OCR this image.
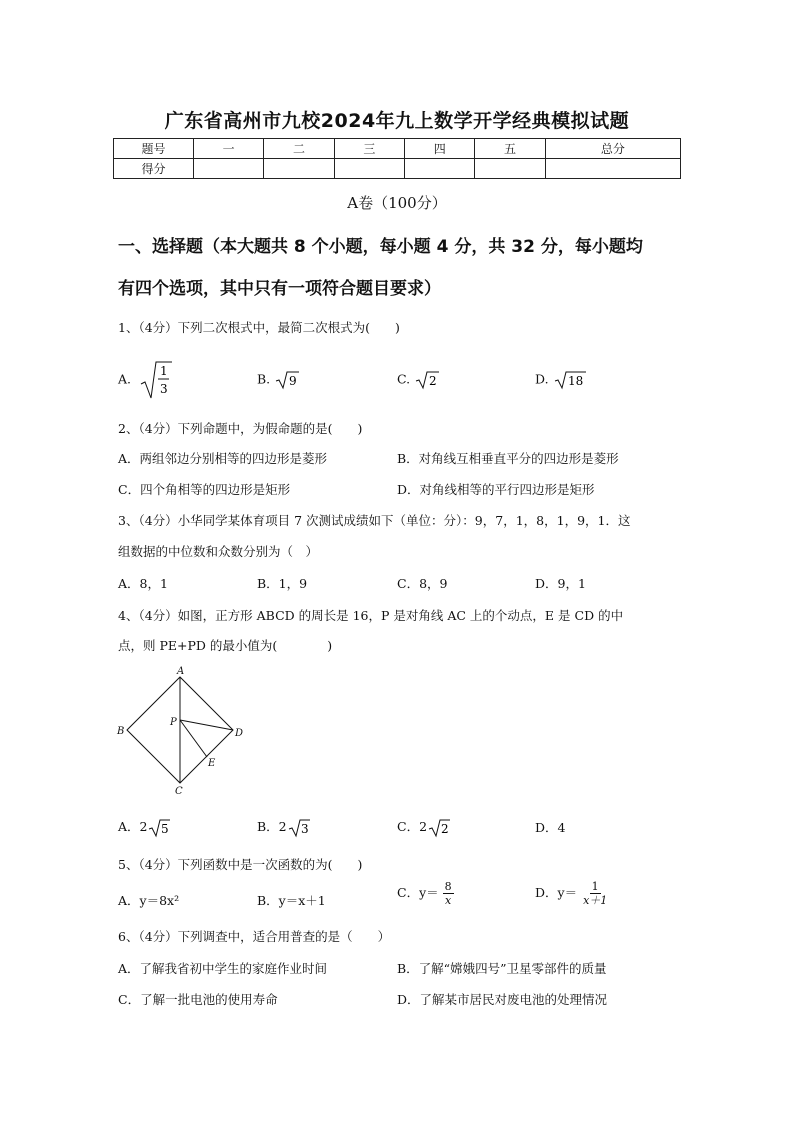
广东省高州市九校2024年九上数学开学经典模拟试题
题号	一	二	三	四	五	总分
得分						
A卷（100分）
一、选择题（本大题共 8 个小题，每小题 4 分，共 32 分，每小题均
有四个选项，其中只有一项符合题目要求）
1、（4分）下列二次根式中，最简二次根式为(　　)
A.
1
3
B. 9	C. 2	D. 18
2、（4分）下列命题中，为假命题的是(　　)
A．两组邻边分别相等的四边形是菱形	B．对角线互相垂直平分的四边形是菱形
C．四个角相等的四边形是矩形	D．对角线相等的平行四边形是矩形
3、（4分）小华同学某体育项目 7 次测试成绩如下（单位：分）：9，7，1，8，1，9，1．这
组数据的中位数和众数分别为（　）
A．8，1	B．1，9	C．8，9	D．9，1
4、（4分）如图，正方形 ABCD 的周长是 16，P 是对角线 AC 上的个动点，E 是 CD 的中
点，则 PE+PD 的最小值为(　　　　)
A
B
C
D
P
E
A．2 5	B．2 3	C．2 2	D．4
5、（4分）下列函数中是一次函数的为(　　)
A．y＝8x²	B．y＝x＋1
C．$y= \frac{8}{x}$	D．$y= \frac{1}{x+1}$
6、（4分）下列调查中，适合用普查的是（　　）
A．了解我省初中学生的家庭作业时间	B．了解“嫦娥四号”卫星零部件的质量
C．了解一批电池的使用寿命	D．了解某市居民对废电池的处理情况
